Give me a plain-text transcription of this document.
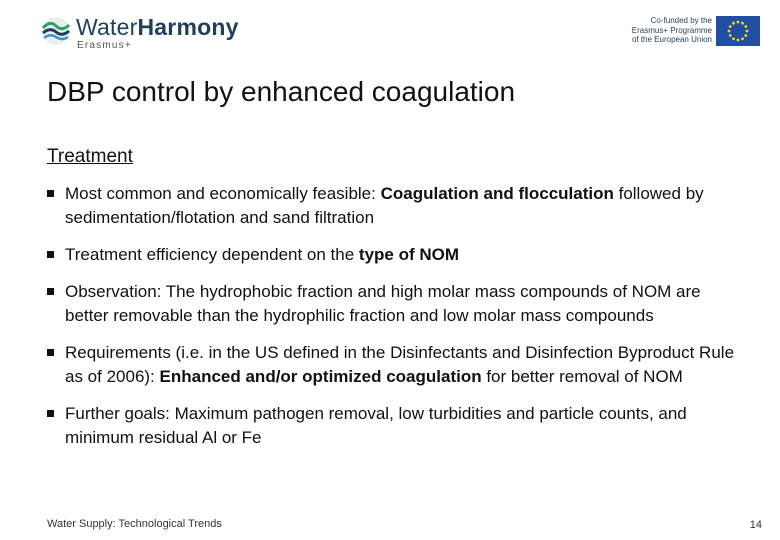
WaterHarmony
Erasmus+
Co-funded by the
Erasmus+ Programme
of the European Union
DBP control by enhanced coagulation
Treatment
Most common and economically feasible: Coagulation and flocculation followed by sedimentation/flotation and sand filtration
Treatment efficiency dependent on the type of NOM
Observation: The hydrophobic fraction and high molar mass compounds of NOM are better removable than the hydrophilic fraction and low molar mass compounds
Requirements (i.e. in the US defined in the Disinfectants and Disinfection Byproduct Rule as of 2006): Enhanced and/or optimized coagulation for better removal of NOM
Further goals: Maximum pathogen removal, low turbidities and particle counts, and minimum residual Al or Fe
Water Supply: Technological Trends	14
